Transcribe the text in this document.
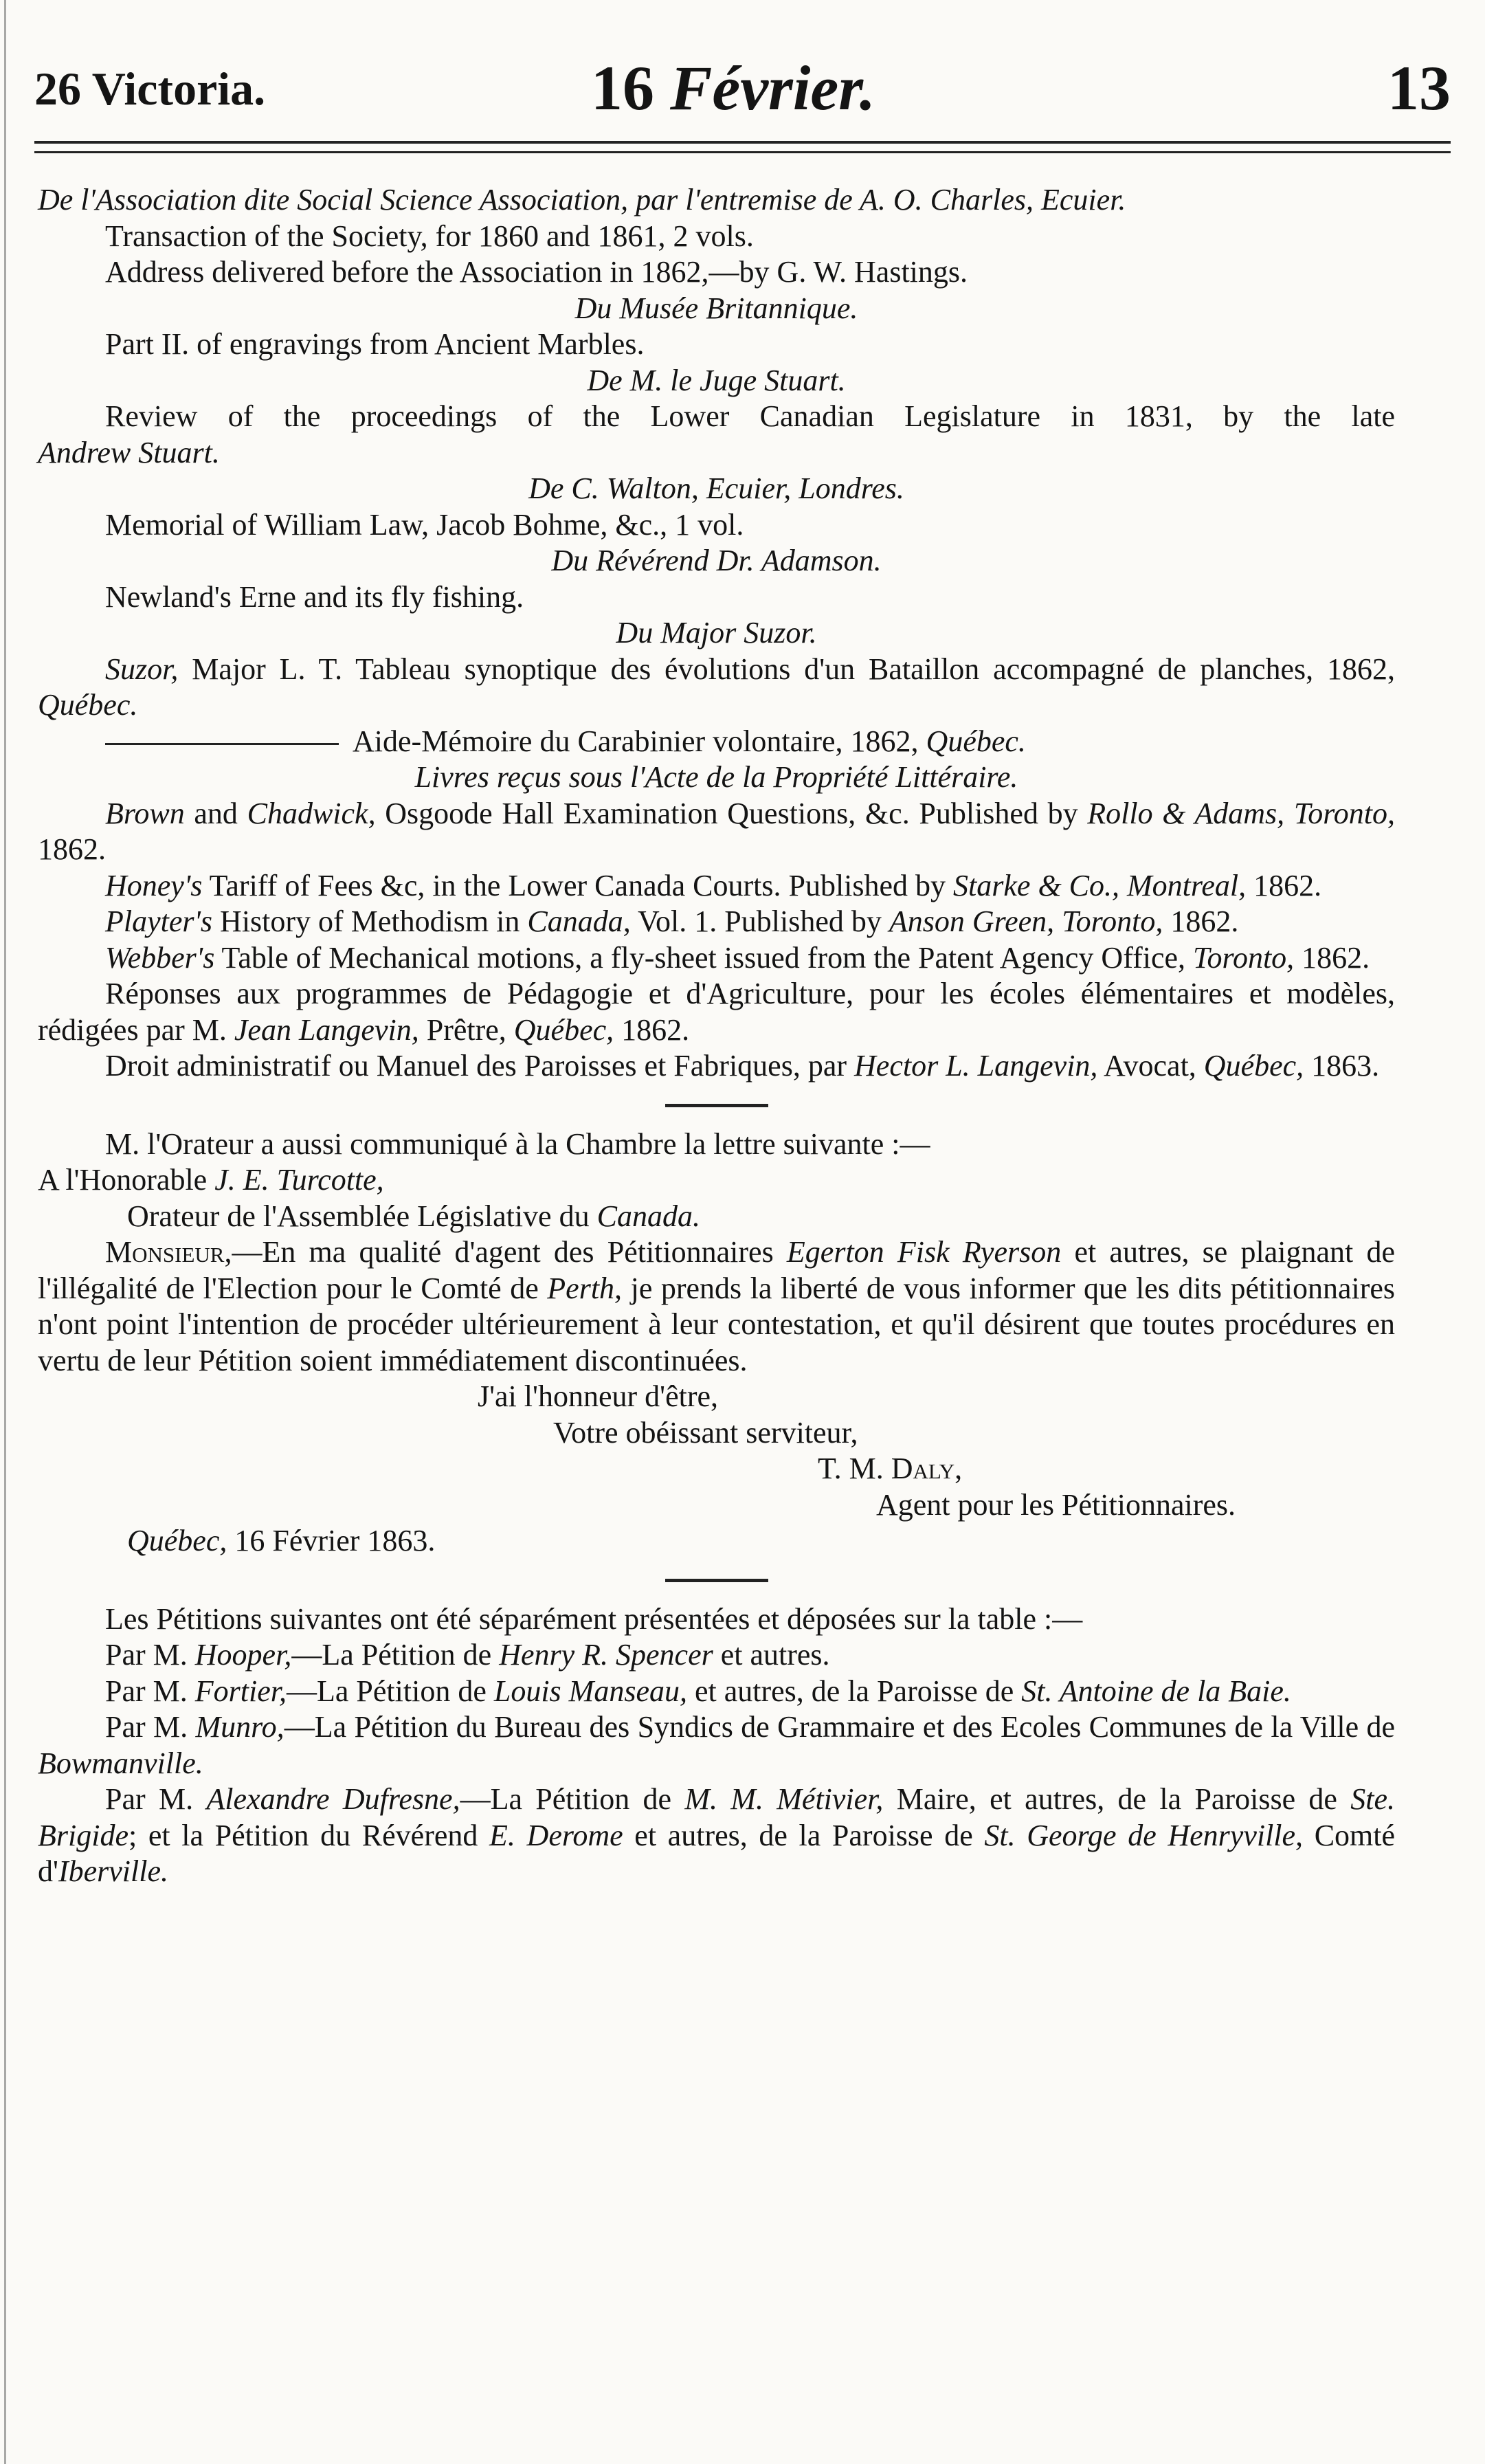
26 Victoria.	16 Février.	13

De l'Association dite Social Science Association, par l'entremise de A. O. Charles, Ecuier.

Transaction of the Society, for 1860 and 1861, 2 vols.

Address delivered before the Association in 1862,—by G. W. Hastings.

Du Musée Britannique.

Part II. of engravings from Ancient Marbles.

De M. le Juge Stuart.

Review of the proceedings of the Lower Canadian Legislature in 1831, by the late

Andrew Stuart.

De C. Walton, Ecuier, Londres.

Memorial of William Law, Jacob Bohme, &c., 1 vol.

Du Révérend Dr. Adamson.

Newland's Erne and its fly fishing.

Du Major Suzor.

Suzor, Major L. T. Tableau synoptique des évolutions d'un Bataillon accompagné de planches, 1862, Québec.

Aide-Mémoire du Carabinier volontaire, 1862, Québec.

Livres reçus sous l'Acte de la Propriété Littéraire.

Brown and Chadwick, Osgoode Hall Examination Questions, &c. Published by Rollo & Adams, Toronto, 1862.

Honey's Tariff of Fees &c, in the Lower Canada Courts. Published by Starke & Co., Montreal, 1862.

Playter's History of Methodism in Canada, Vol. 1. Published by Anson Green, Toronto, 1862.

Webber's Table of Mechanical motions, a fly-sheet issued from the Patent Agency Office, Toronto, 1862.

Réponses aux programmes de Pédagogie et d'Agriculture, pour les écoles élémentaires et modèles, rédigées par M. Jean Langevin, Prêtre, Québec, 1862.

Droit administratif ou Manuel des Paroisses et Fabriques, par Hector L. Langevin, Avocat, Québec, 1863.

M. l'Orateur a aussi communiqué à la Chambre la lettre suivante :—

A l'Honorable J. E. Turcotte,

Orateur de l'Assemblée Législative du Canada.

Monsieur,—En ma qualité d'agent des Pétitionnaires Egerton Fisk Ryerson et autres, se plaignant de l'illégalité de l'Election pour le Comté de Perth, je prends la liberté de vous informer que les dits pétitionnaires n'ont point l'intention de procéder ultérieurement à leur contestation, et qu'il désirent que toutes procédures en vertu de leur Pétition soient immédiatement discontinuées.

J'ai l'honneur d'être,

Votre obéissant serviteur,

T. M. Daly,

Agent pour les Pétitionnaires.

Québec, 16 Février 1863.

Les Pétitions suivantes ont été séparément présentées et déposées sur la table :—

Par M. Hooper,—La Pétition de Henry R. Spencer et autres.

Par M. Fortier,—La Pétition de Louis Manseau, et autres, de la Paroisse de St. Antoine de la Baie.

Par M. Munro,—La Pétition du Bureau des Syndics de Grammaire et des Ecoles Communes de la Ville de Bowmanville.

Par M. Alexandre Dufresne,—La Pétition de M. M. Métivier, Maire, et autres, de la Paroisse de Ste. Brigide; et la Pétition du Révérend E. Derome et autres, de la Paroisse de St. George de Henryville, Comté d'Iberville.
